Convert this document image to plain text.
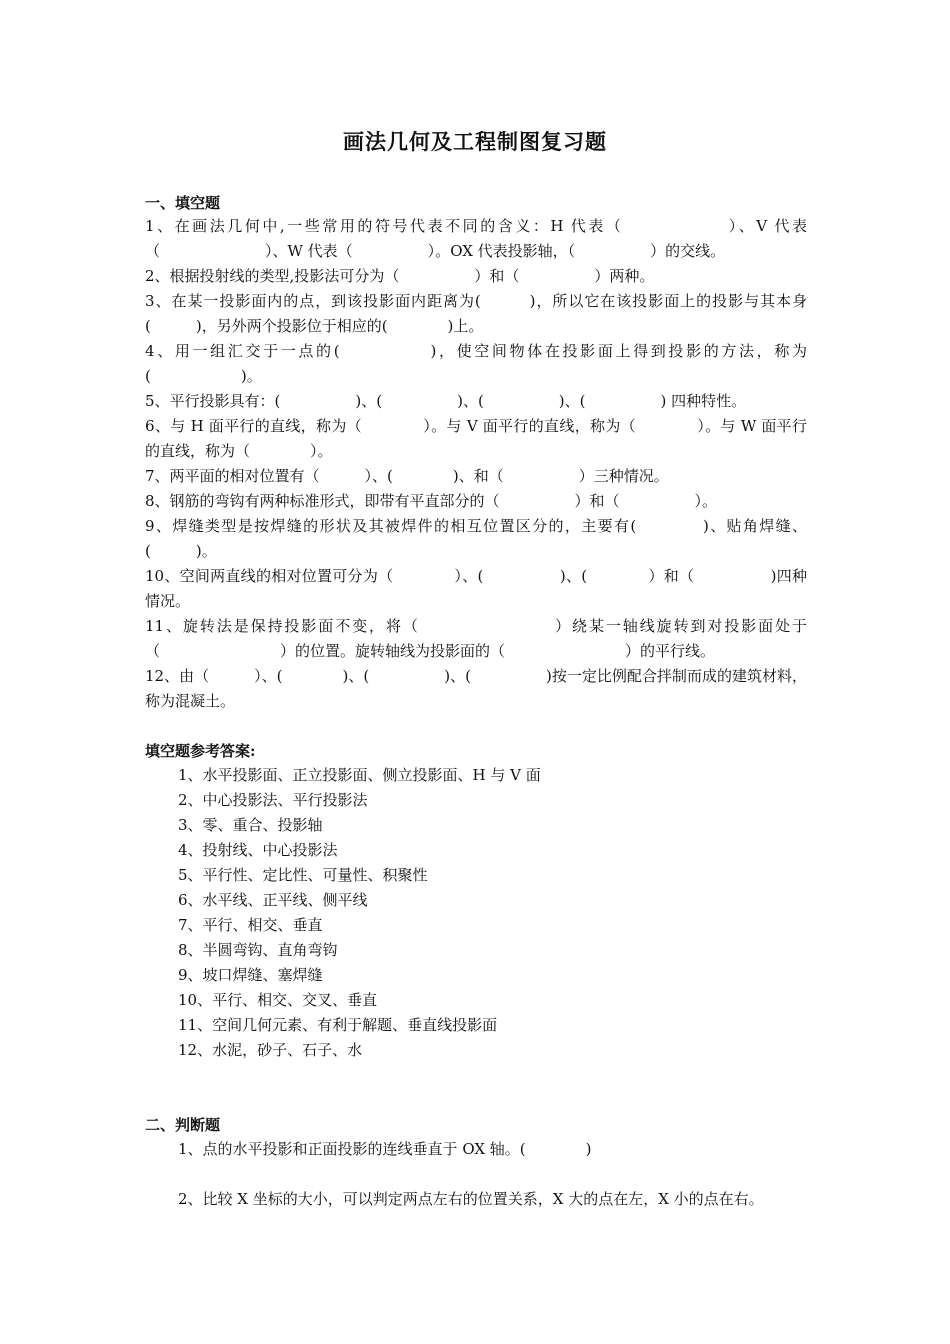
画法几何及工程制图复习题
一、填空题
1、在画法几何中,一些常用的符号代表不同的含义：H 代表（　　　　　　）、V 代表（　　　　　　　）、W 代表（　　　　　）。OX 代表投影轴，（　　　　　）的交线。
2、根据投射线的类型,投影法可分为（　　　　　）和（　　　　　）两种。
3、在某一投影面内的点，到该投影面内距离为(　　　)，所以它在该投影面上的投影与其本身(　　　)，另外两个投影位于相应的(　　　　)上。
4、用一组汇交于一点的(　　　　　)，使空间物体在投影面上得到投影的方法，称为(　　　　　　)。
5、平行投影具有：(　　　　　)、(　　　　　)、(　　　　　)、(　　　　　) 四种特性。
6、与 H 面平行的直线，称为（　　　　）。与 V 面平行的直线，称为（　　　　）。与 W 面平行的直线，称为（　　　　）。
7、两平面的相对位置有（　　　）、(　　　　)、和（　　　　　）三种情况。
8、钢筋的弯钩有两种标准形式，即带有平直部分的（　　　　　）和（　　　　　）。
9、焊缝类型是按焊缝的形状及其被焊件的相互位置区分的，主要有(　　　　)、贴角焊缝、(　　　)。
10、空间两直线的相对位置可分为（　　　　）、(　　　　　)、(　　　　）和（　　　　　)四种情况。
11、旋转法是保持投影面不变，将（　　　　　　　　）绕某一轴线旋转到对投影面处于（　　　　　　　　）的位置。旋转轴线为投影面的（　　　　　　　　）的平行线。
12、由（　　　）、(　　　　)、(　　　　　)、(　　　　　)按一定比例配合拌制而成的建筑材料，称为混凝土。
填空题参考答案:
1、水平投影面、正立投影面、侧立投影面、H 与 V 面
2、中心投影法、平行投影法
3、零、重合、投影轴
4、投射线、中心投影法
5、平行性、定比性、可量性、积聚性
6、水平线、正平线、侧平线
7、平行、相交、垂直
8、半圆弯钩、直角弯钩
9、坡口焊缝、塞焊缝
10、平行、相交、交叉、垂直
11、空间几何元素、有利于解题、垂直线投影面
12、水泥，砂子、石子、水
二、判断题
1、点的水平投影和正面投影的连线垂直于 OX 轴。(　　　　)
2、比较 X 坐标的大小，可以判定两点左右的位置关系，X 大的点在左，X 小的点在右。
